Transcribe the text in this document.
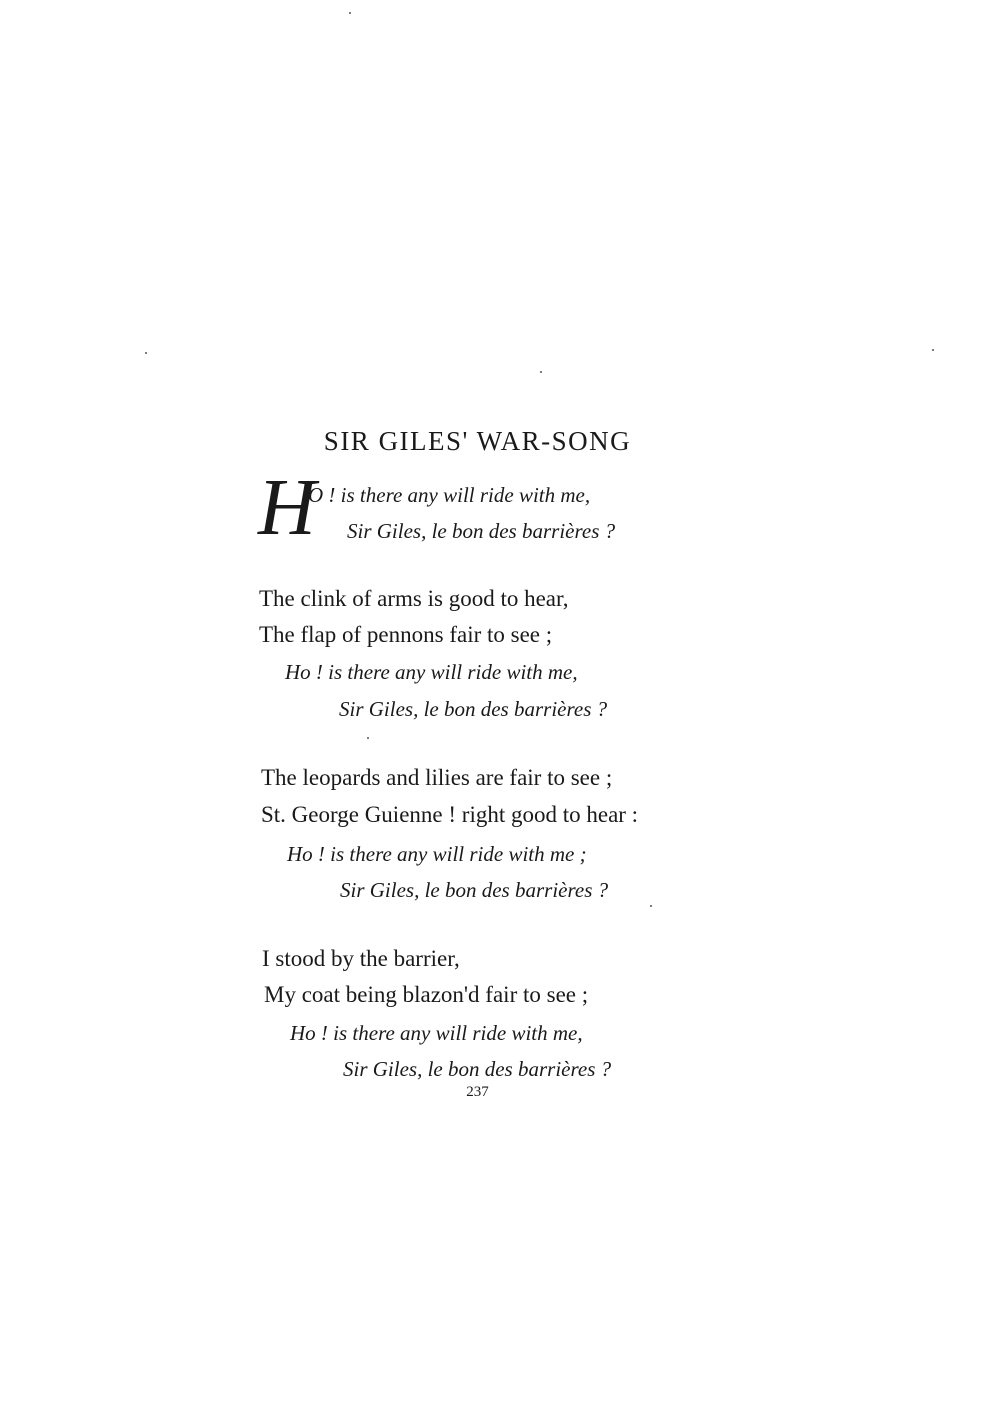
SIR GILES' WAR-SONG
H
O ! is there any will ride with me,
Sir Giles, le bon des barrières ?
The clink of arms is good to hear,
The flap of pennons fair to see ;
Ho ! is there any will ride with me,
Sir Giles, le bon des barrières ?
The leopards and lilies are fair to see ;
St. George Guienne ! right good to hear :
Ho ! is there any will ride with me ;
Sir Giles, le bon des barrières ?
I stood by the barrier,
My coat being blazon'd fair to see ;
Ho ! is there any will ride with me,
Sir Giles, le bon des barrières ?
237
